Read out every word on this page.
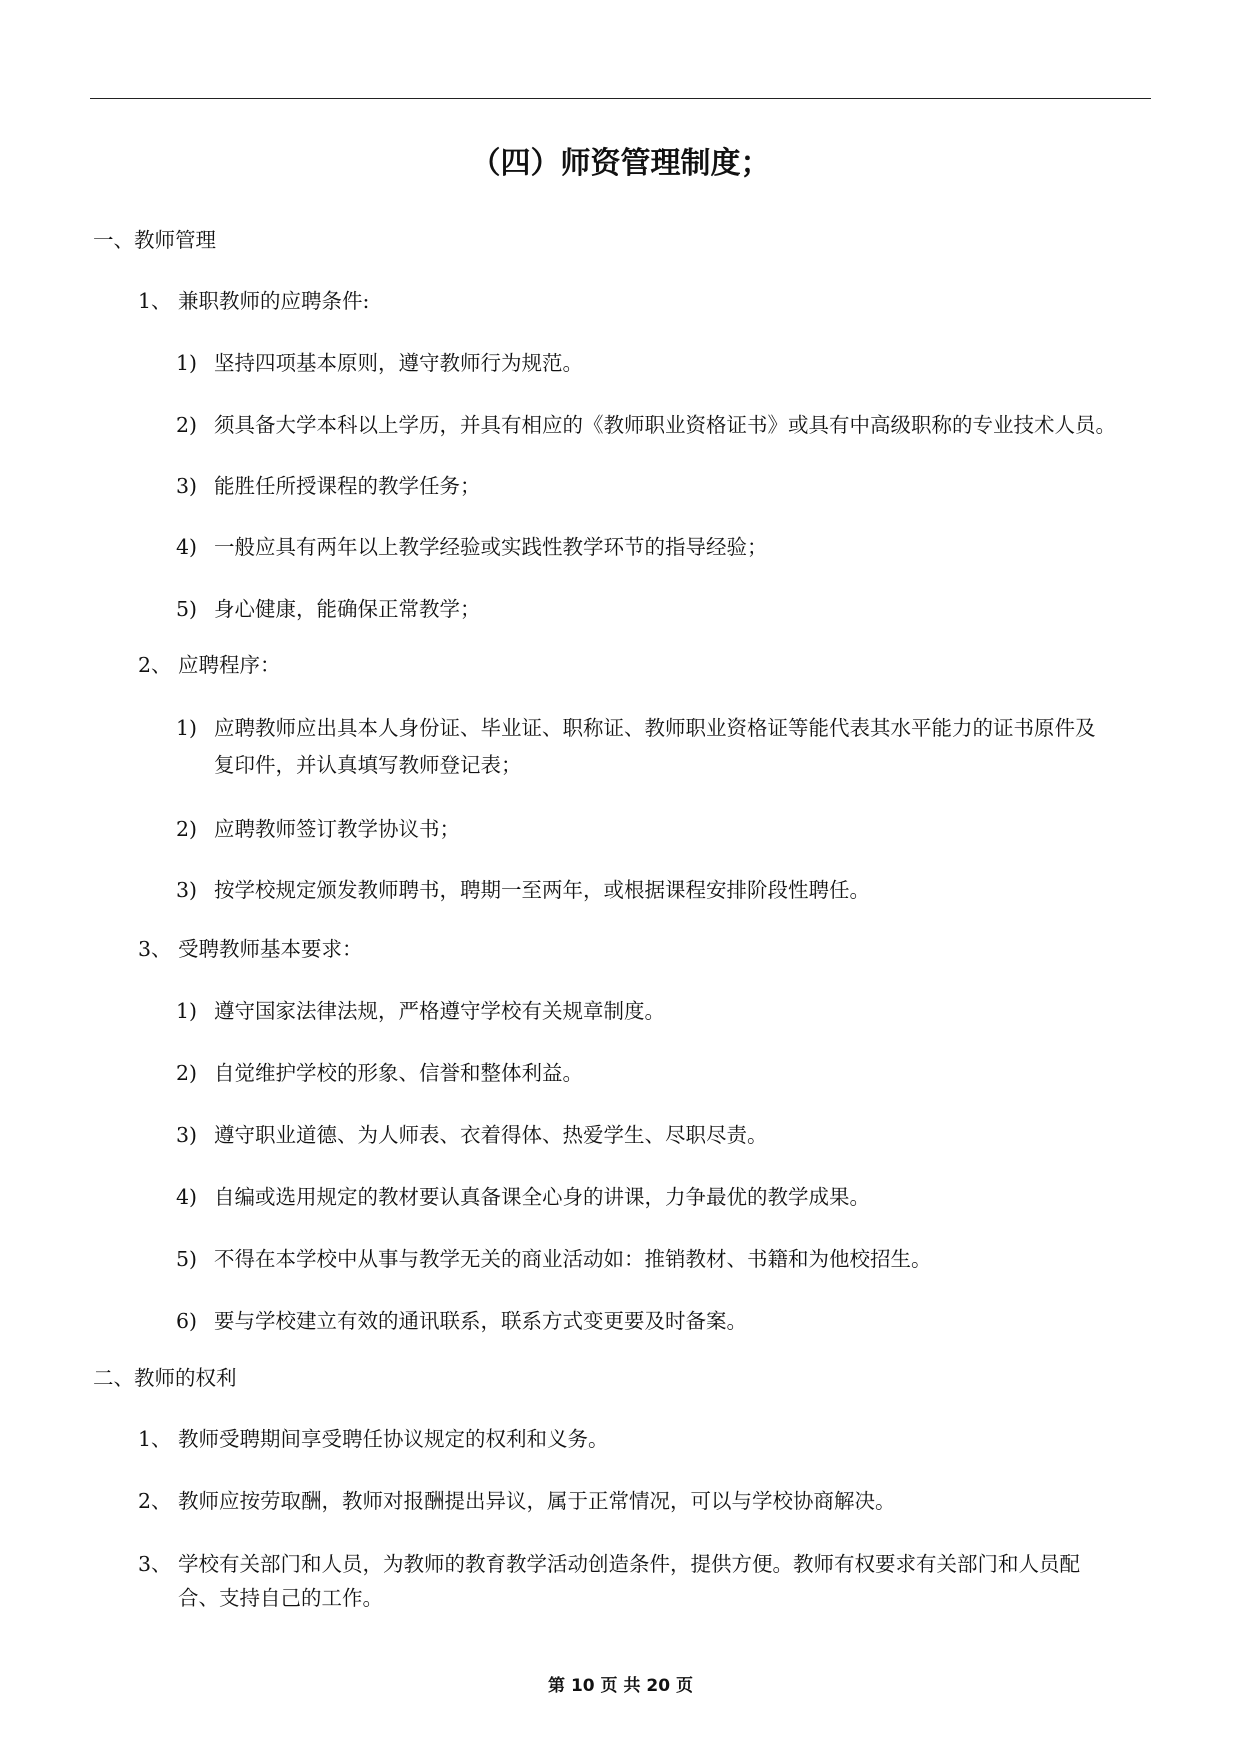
（四）师资管理制度；
一、教师管理
1、 兼职教师的应聘条件:
1) 坚持四项基本原则，遵守教师行为规范。
2) 须具备大学本科以上学历，并具有相应的《教师职业资格证书》或具有中高级职称的专业技术人员。
3) 能胜任所授课程的教学任务；
4) 一般应具有两年以上教学经验或实践性教学环节的指导经验；
5) 身心健康，能确保正常教学；
2、 应聘程序：
1) 应聘教师应出具本人身份证、毕业证、职称证、教师职业资格证等能代表其水平能力的证书原件及
复印件，并认真填写教师登记表；
2) 应聘教师签订教学协议书；
3) 按学校规定颁发教师聘书，聘期一至两年，或根据课程安排阶段性聘任。
3、 受聘教师基本要求：
1) 遵守国家法律法规，严格遵守学校有关规章制度。
2) 自觉维护学校的形象、信誉和整体利益。
3) 遵守职业道德、为人师表、衣着得体、热爱学生、尽职尽责。
4) 自编或选用规定的教材要认真备课全心身的讲课，力争最优的教学成果。
5) 不得在本学校中从事与教学无关的商业活动如：推销教材、书籍和为他校招生。
6) 要与学校建立有效的通讯联系，联系方式变更要及时备案。
二、教师的权利
1、 教师受聘期间享受聘任协议规定的权利和义务。
2、 教师应按劳取酬，教师对报酬提出异议，属于正常情况，可以与学校协商解决。
3、 学校有关部门和人员，为教师的教育教学活动创造条件，提供方便。教师有权要求有关部门和人员配
合、支持自己的工作。
第 10 页 共 20 页
